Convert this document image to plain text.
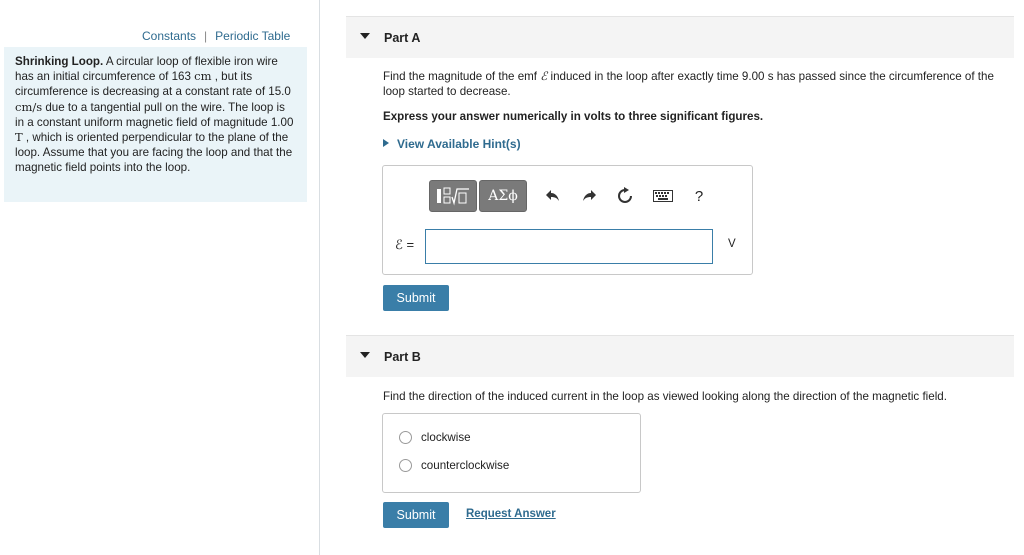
Constants | Periodic Table
Shrinking Loop. A circular loop of flexible iron wire has an initial circumference of 163 cm , but its circumference is decreasing at a constant rate of 15.0 cm/s due to a tangential pull on the wire. The loop is in a constant uniform magnetic field of magnitude 1.00 T , which is oriented perpendicular to the plane of the loop. Assume that you are facing the loop and that the magnetic field points into the loop.
Part A
Find the magnitude of the emf ℰ induced in the loop after exactly time 9.00 s has passed since the circumference of the loop started to decrease.
Express your answer numerically in volts to three significant figures.
View Available Hint(s)
ΑΣϕ	?
ℰ =	V
Submit
Part B
Find the direction of the induced current in the loop as viewed looking along the direction of the magnetic field.
clockwise
counterclockwise
Submit	Request Answer
